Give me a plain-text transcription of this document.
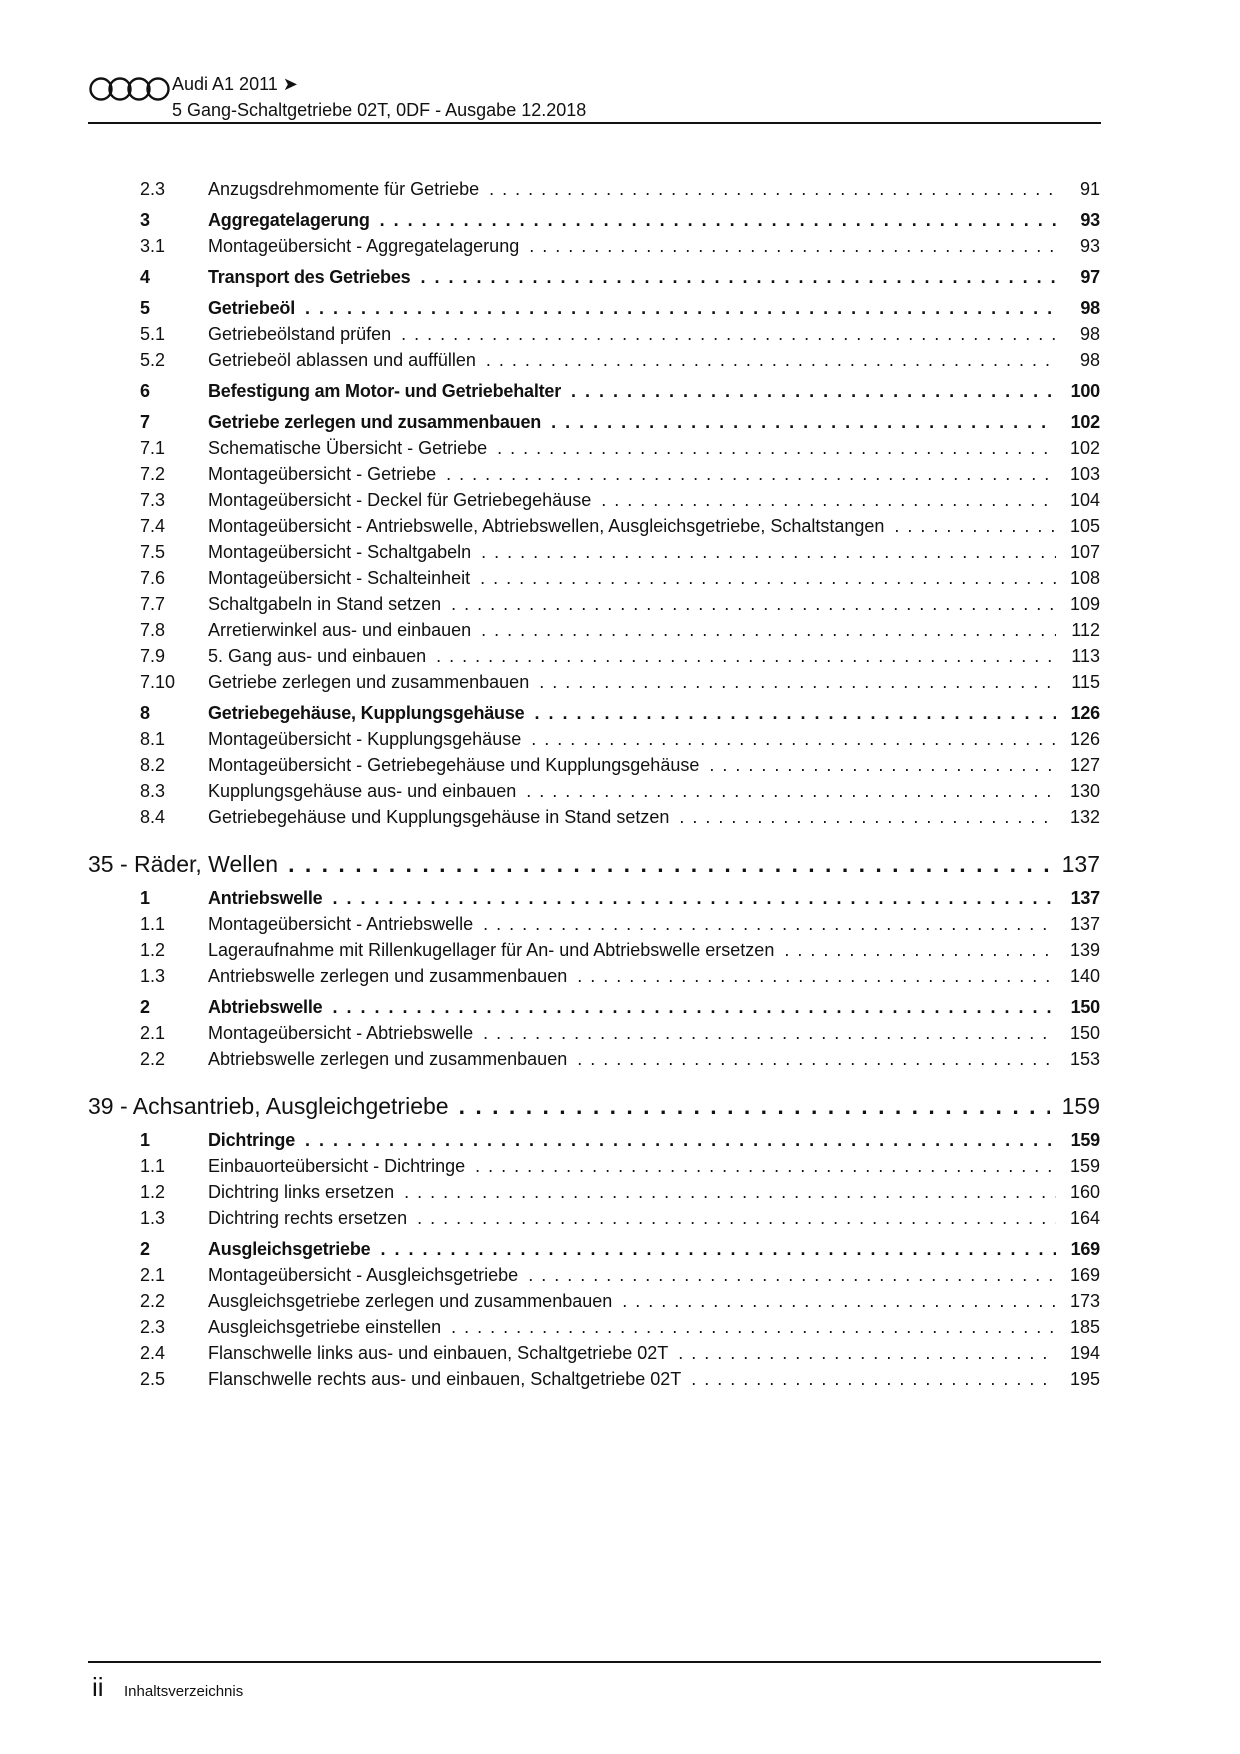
Audi A1 2011 ➤
5 Gang-Schaltgetriebe 02T, 0DF - Ausgabe 12.2018
2.3	Anzugsdrehmomente für Getriebe . . .	91
3	Aggregatelagerung . . .	93
3.1	Montageübersicht - Aggregatelagerung . . .	93
4	Transport des Getriebes . . .	97
5	Getriebeöl . . .	98
5.1	Getriebeölstand prüfen . . .	98
5.2	Getriebeöl ablassen und auffüllen . . .	98
6	Befestigung am Motor- und Getriebehalter . . .	100
7	Getriebe zerlegen und zusammenbauen . . .	102
7.1	Schematische Übersicht - Getriebe . . .	102
7.2	Montageübersicht - Getriebe . . .	103
7.3	Montageübersicht - Deckel für Getriebegehäuse . . .	104
7.4	Montageübersicht - Antriebswelle, Abtriebswellen, Ausgleichsgetriebe, Schaltstangen . . .	105
7.5	Montageübersicht - Schaltgabeln . . .	107
7.6	Montageübersicht - Schalteinheit . . .	108
7.7	Schaltgabeln in Stand setzen . . .	109
7.8	Arretierwinkel aus- und einbauen . . .	112
7.9	5. Gang aus- und einbauen . . .	113
7.10	Getriebe zerlegen und zusammenbauen . . .	115
8	Getriebegehäuse, Kupplungsgehäuse . . .	126
8.1	Montageübersicht - Kupplungsgehäuse . . .	126
8.2	Montageübersicht - Getriebegehäuse und Kupplungsgehäuse . . .	127
8.3	Kupplungsgehäuse aus- und einbauen . . .	130
8.4	Getriebegehäuse und Kupplungsgehäuse in Stand setzen . . .	132
35 - Räder, Wellen . . .	137
1	Antriebswelle . . .	137
1.1	Montageübersicht - Antriebswelle . . .	137
1.2	Lageraufnahme mit Rillenkugellager für An- und Abtriebswelle ersetzen . . .	139
1.3	Antriebswelle zerlegen und zusammenbauen . . .	140
2	Abtriebswelle . . .	150
2.1	Montageübersicht - Abtriebswelle . . .	150
2.2	Abtriebswelle zerlegen und zusammenbauen . . .	153
39 - Achsantrieb, Ausgleichgetriebe . . .	159
1	Dichtringe . . .	159
1.1	Einbauorteübersicht - Dichtringe . . .	159
1.2	Dichtring links ersetzen . . .	160
1.3	Dichtring rechts ersetzen . . .	164
2	Ausgleichsgetriebe . . .	169
2.1	Montageübersicht - Ausgleichsgetriebe . . .	169
2.2	Ausgleichsgetriebe zerlegen und zusammenbauen . . .	173
2.3	Ausgleichsgetriebe einstellen . . .	185
2.4	Flanschwelle links aus- und einbauen, Schaltgetriebe 02T . . .	194
2.5	Flanschwelle rechts aus- und einbauen, Schaltgetriebe 02T . . .	195
ii Inhaltsverzeichnis
